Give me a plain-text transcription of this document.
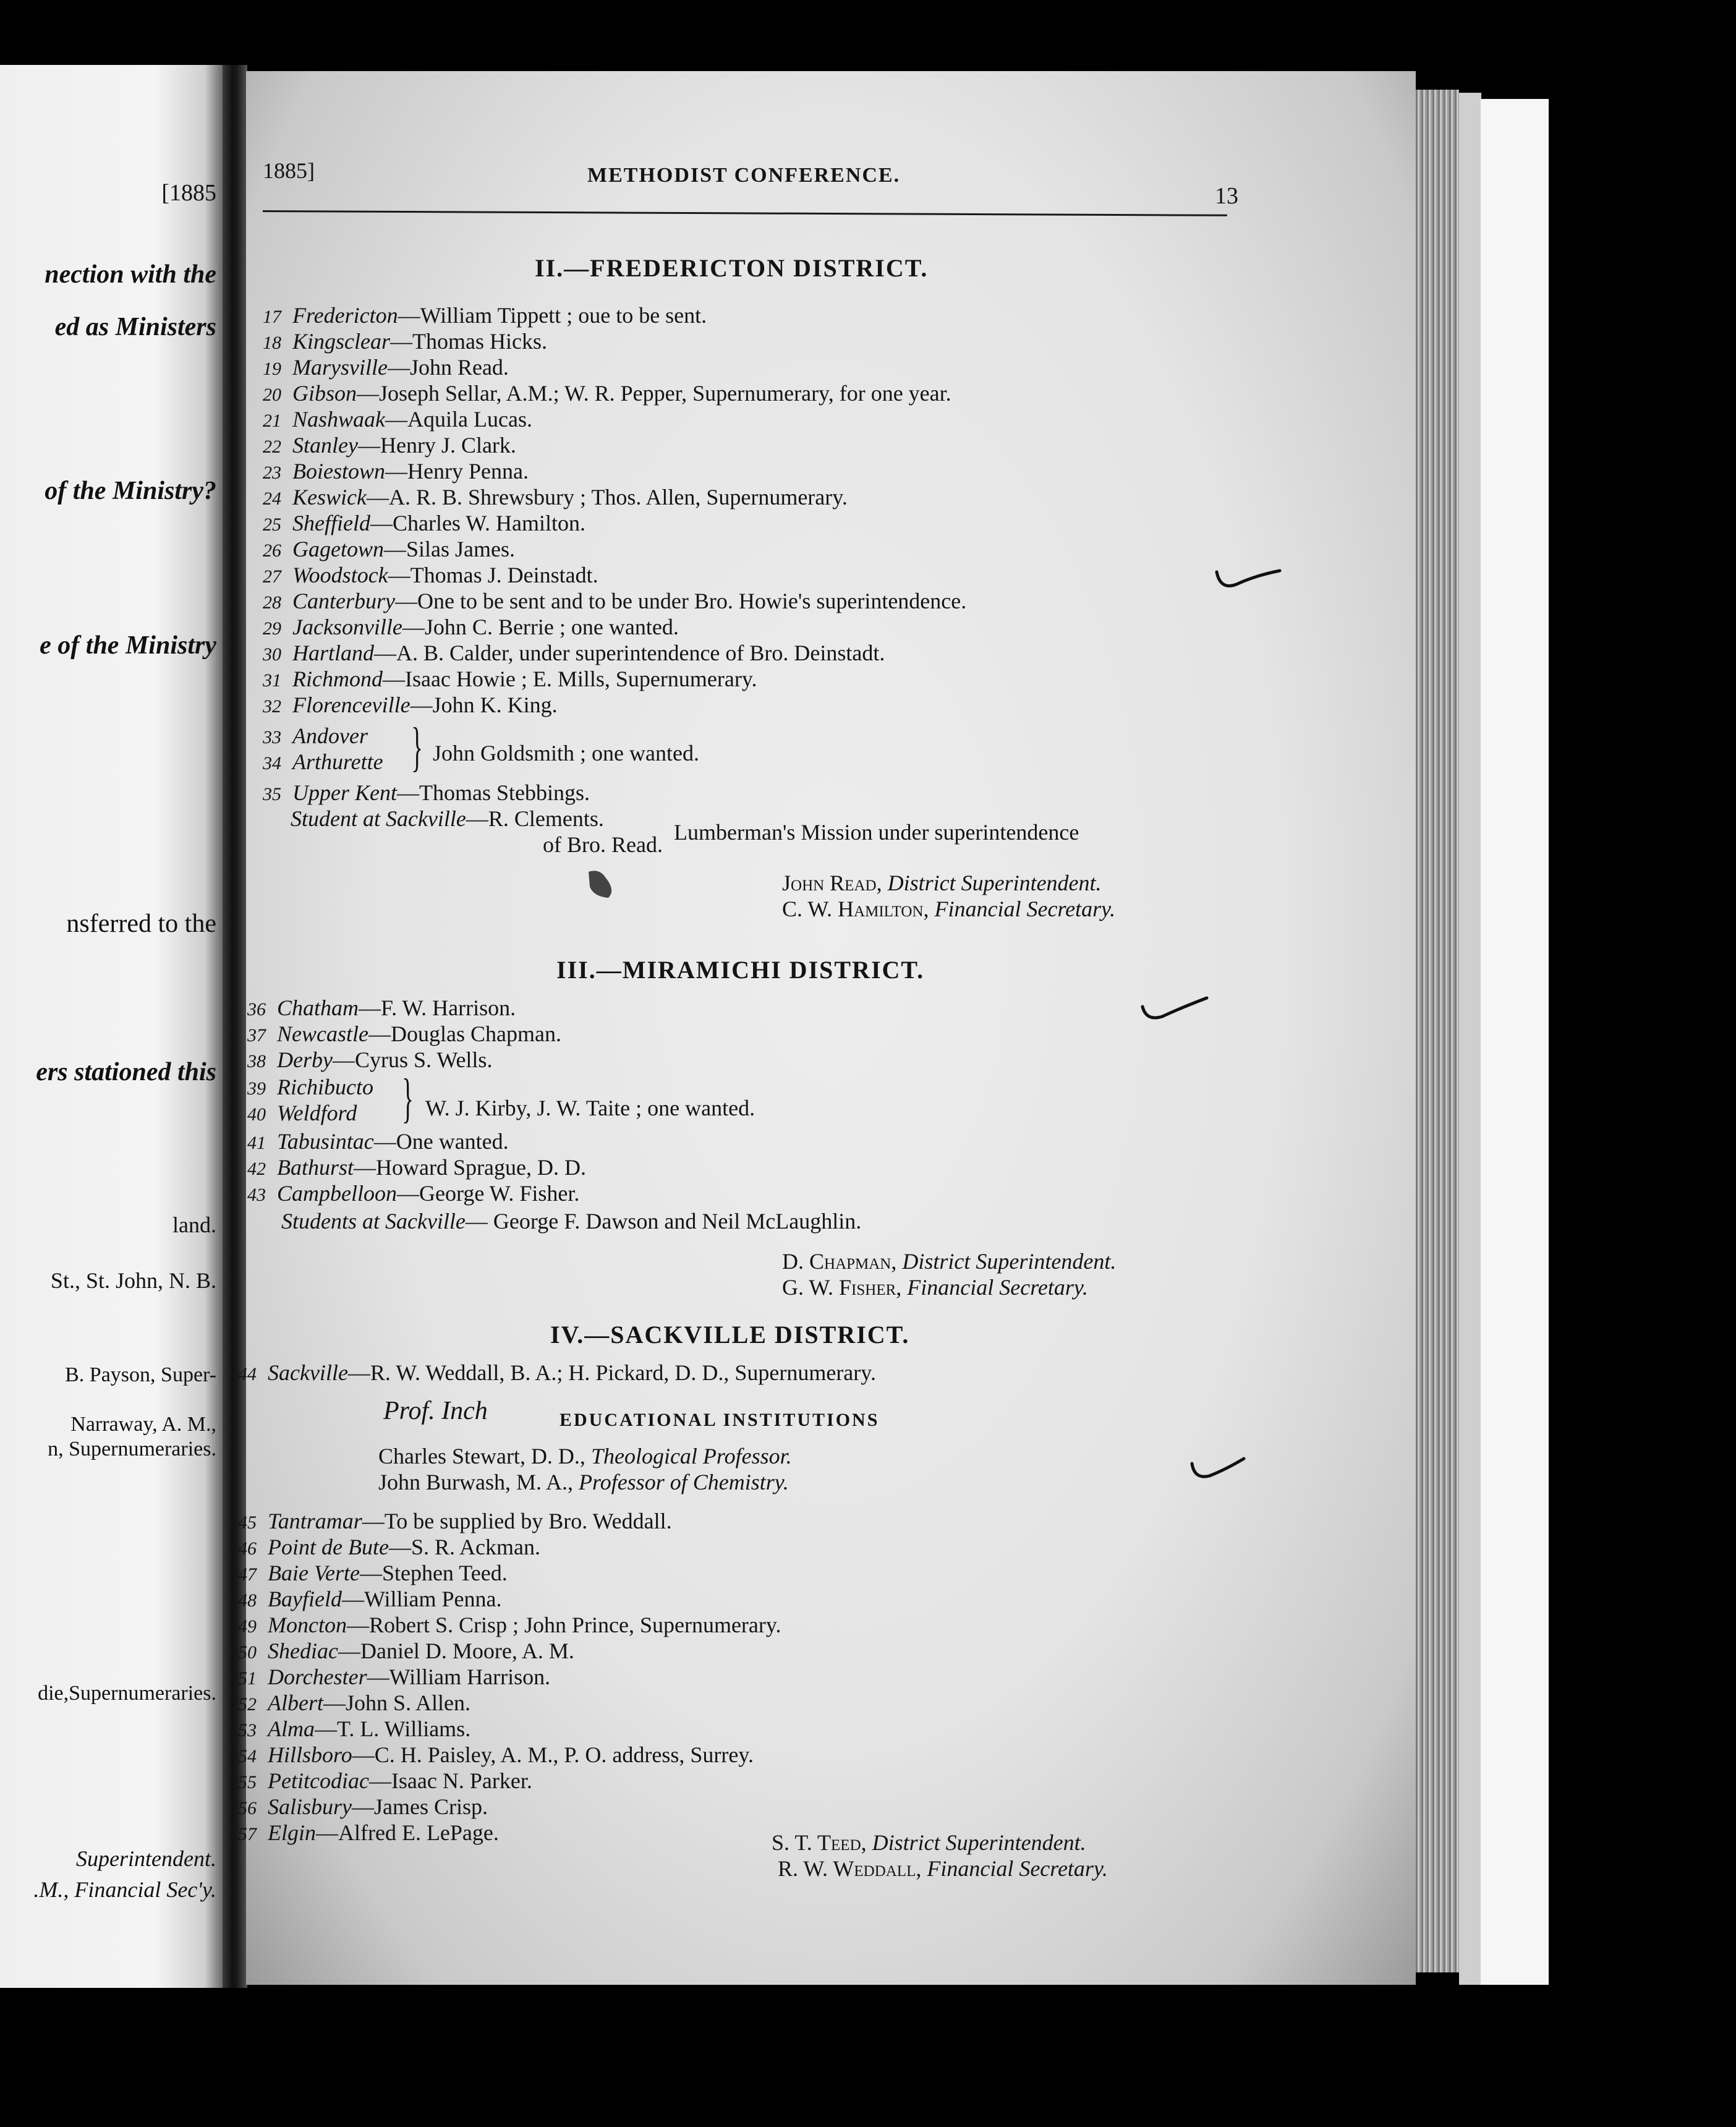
[1885
nection with the
ed as Ministers
of the Ministry?
e of the Ministry
nsferred to the
ers stationed this
land.
St., St. John, N. B.
B. Payson, Super-
Narraway, A. M.,
n, Supernumeraries.
die,Supernumeraries.
Superintendent.
.M., Financial Sec'y.
1885]	METHODIST CONFERENCE.
13
II.—FREDERICTON DISTRICT.
17 Fredericton—William Tippett ; oue to be sent.
18 Kingsclear—Thomas Hicks.
19 Marysville—John Read.
20 Gibson—Joseph Sellar, A.M.; W. R. Pepper, Supernumerary, for one year.
21 Nashwaak—Aquila Lucas.
22 Stanley—Henry J. Clark.
23 Boiestown—Henry Penna.
24 Keswick—A. R. B. Shrewsbury ; Thos. Allen, Supernumerary.
25 Sheffield—Charles W. Hamilton.
26 Gagetown—Silas James.
27 Woodstock—Thomas J. Deinstadt.
28 Canterbury—One to be sent and to be under Bro. Howie's superintendence.
29 Jacksonville—John C. Berrie ; one wanted.
30 Hartland—A. B. Calder, under superintendence of Bro. Deinstadt.
31 Richmond—Isaac Howie ; E. Mills, Supernumerary.
32 Florenceville—John K. King.
33 Andover
34 Arthurette } John Goldsmith ; one wanted.
35 Upper Kent—Thomas Stebbings.
Student at Sackville—R. Clements.
Lumberman's Mission under superintendence
of Bro. Read.
John Read, District Superintendent.
C. W. Hamilton, Financial Secretary.
III.—MIRAMICHI DISTRICT.
36 Chatham—F. W. Harrison.
37 Newcastle—Douglas Chapman.
38 Derby—Cyrus S. Wells.
39 Richibucto
40 Weldford } W. J. Kirby, J. W. Taite ; one wanted.
41 Tabusintac—One wanted.
42 Bathurst—Howard Sprague, D. D.
43 Campbelloon—George W. Fisher.
Students at Sackville— George F. Dawson and Neil McLaughlin.
D. Chapman, District Superintendent.
G. W. Fisher, Financial Secretary.
IV.—SACKVILLE DISTRICT.
44 Sackville—R. W. Weddall, B. A.; H. Pickard, D. D., Supernumerary.
Prof. Inch	EDUCATIONAL INSTITUTIONS
Charles Stewart, D. D., Theological Professor.
John Burwash, M. A., Professor of Chemistry.
45 Tantramar—To be supplied by Bro. Weddall.
46 Point de Bute—S. R. Ackman.
47 Baie Verte—Stephen Teed.
48 Bayfield—William Penna.
49 Moncton—Robert S. Crisp ; John Prince, Supernumerary.
50 Shediac—Daniel D. Moore, A. M.
51 Dorchester—William Harrison.
52 Albert—John S. Allen.
53 Alma—T. L. Williams.
54 Hillsboro—C. H. Paisley, A. M., P. O. address, Surrey.
55 Petitcodiac—Isaac N. Parker.
56 Salisbury—James Crisp.
57 Elgin—Alfred E. LePage.	S. T. Teed, District Superintendent.
R. W. Weddall, Financial Secretary.
